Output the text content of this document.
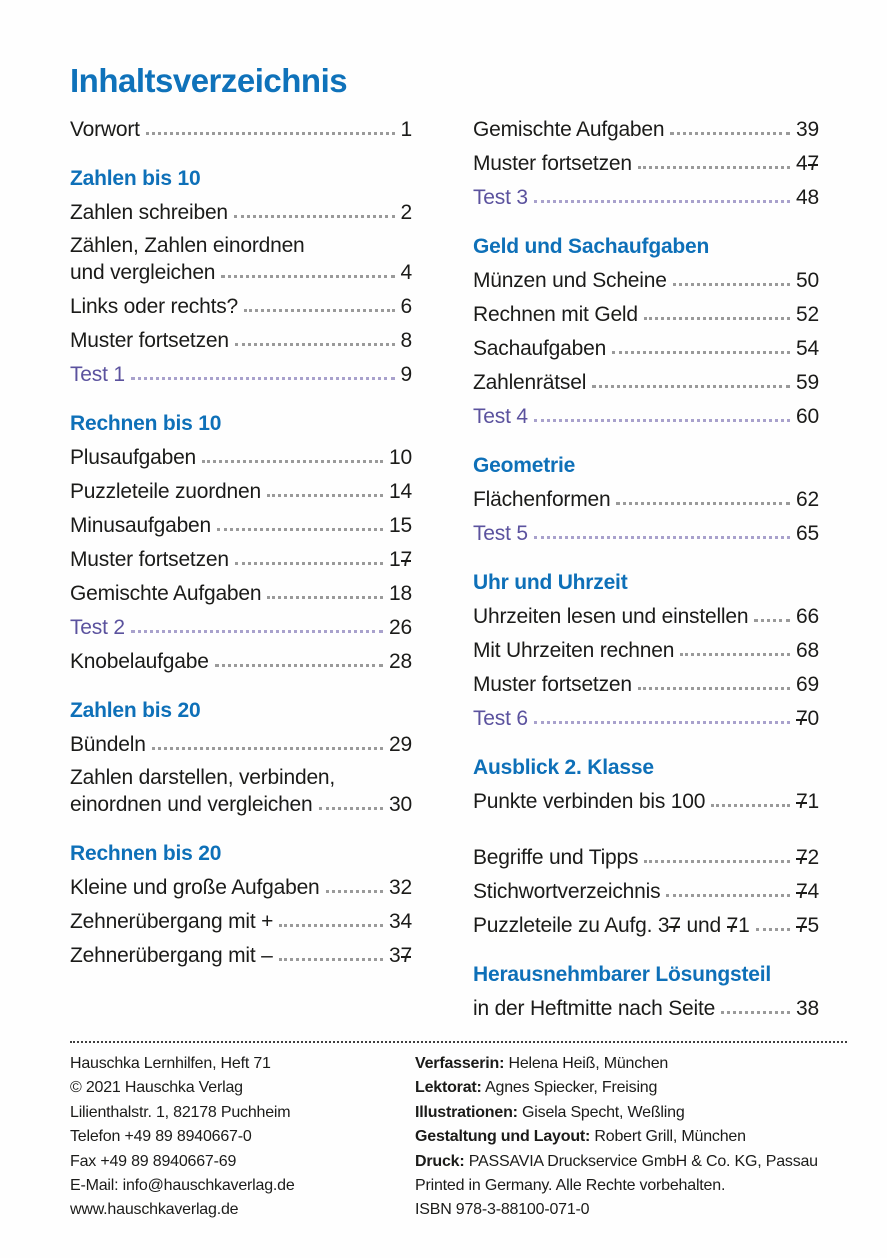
Inhaltsverzeichnis
Vorwort	1
Zahlen bis 10
Zahlen schreiben	2
Zählen, Zahlen einordnen
und vergleichen	4
Links oder rechts?	6
Muster fortsetzen	8
Test 1	9
Rechnen bis 10
Plusaufgaben	10
Puzzleteile zuordnen	14
Minusaufgaben	15
Muster fortsetzen	17
Gemischte Aufgaben	18
Test 2	26
Knobelaufgabe	28
Zahlen bis 20
Bündeln	29
Zahlen darstellen, verbinden,
einordnen und vergleichen	30
Rechnen bis 20
Kleine und große Aufgaben	32
Zehnerübergang mit +	34
Zehnerübergang mit –	37
Gemischte Aufgaben	39
Muster fortsetzen	47
Test 3	48
Geld und Sachaufgaben
Münzen und Scheine	50
Rechnen mit Geld	52
Sachaufgaben	54
Zahlenrätsel	59
Test 4	60
Geometrie
Flächenformen	62
Test 5	65
Uhr und Uhrzeit
Uhrzeiten lesen und einstellen 66
Mit Uhrzeiten rechnen	68
Muster fortsetzen	69
Test 6	70
Ausblick 2. Klasse
Punkte verbinden bis 100	71
Begriffe und Tipps	72
Stichwortverzeichnis	74
Puzzleteile zu Aufg. 37 und 71 75
Herausnehmbarer Lösungsteil
in der Heftmitte nach Seite	38
Hauschka Lernhilfen, Heft 71
© 2021 Hauschka Verlag
Lilienthalstr. 1, 82178 Puchheim
Telefon +49 89 8940667-0
Fax +49 89 8940667-69
E-Mail: info@hauschkaverlag.de
www.hauschkaverlag.de
Verfasserin: Helena Heiß, München
Lektorat: Agnes Spiecker, Freising
Illustrationen: Gisela Specht, Weßling
Gestaltung und Layout: Robert Grill, München
Druck: PASSAVIA Druckservice GmbH & Co. KG, Passau
Printed in Germany. Alle Rechte vorbehalten.
ISBN 978-3-88100-071-0
